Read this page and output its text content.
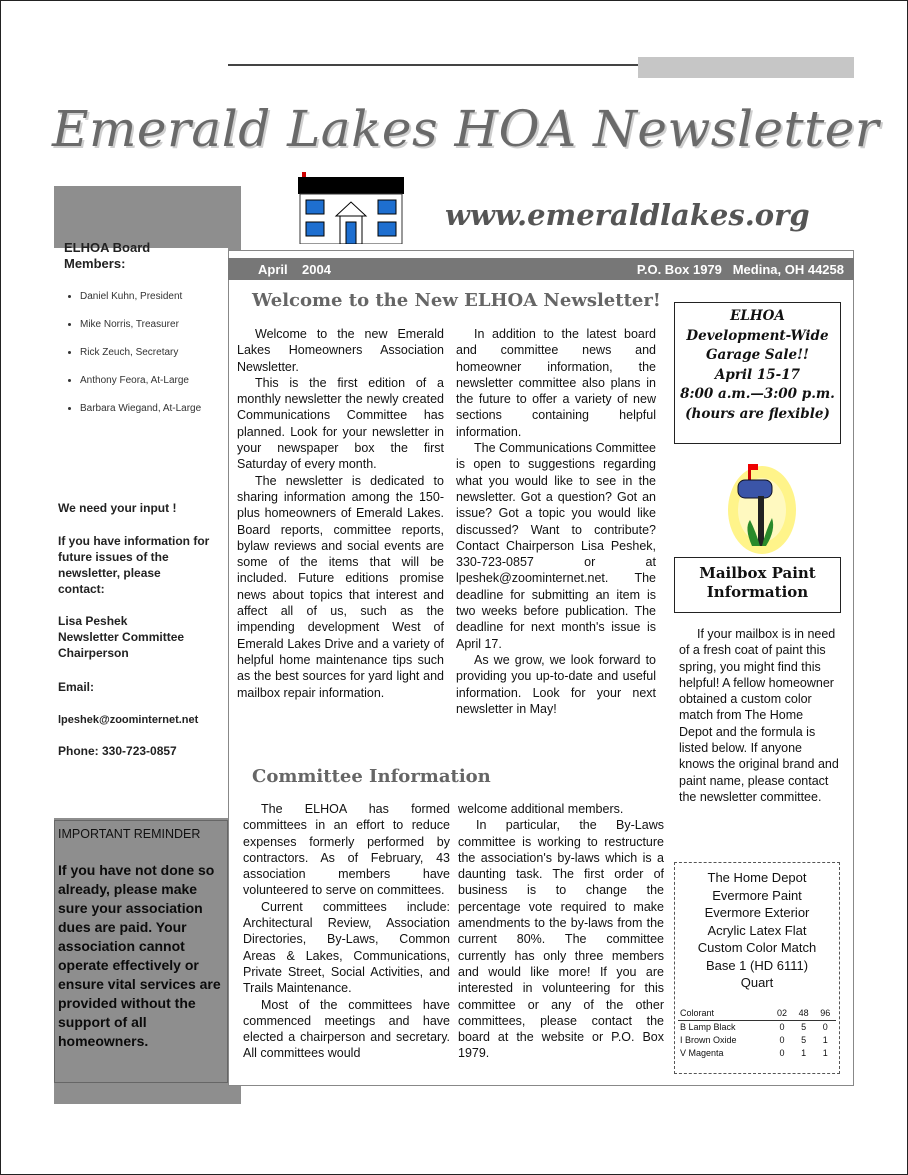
Emerald Lakes HOA Newsletter
www.emeraldlakes.org
ELHOA Board Members:
• Daniel Kuhn, President
• Mike Norris, Treasurer
• Rick Zeuch, Secretary
• Anthony Feora, At-Large
• Barbara Wiegand, At-Large
We need your input !
If you have information for future issues of the newsletter, please contact:
Lisa Peshek
Newsletter Committee Chairperson
Email:
lpeshek@zoominternet.net
Phone: 330-723-0857
IMPORTANT REMINDER
If you have not done so already, please make sure your association dues are paid. Your association cannot operate effectively or ensure vital services are provided without the support of all homeowners.
April    2004	P.O. Box 1979   Medina, OH 44258
Welcome to the New ELHOA Newsletter!

Welcome to the new Emerald Lakes Homeowners Association Newsletter.

This is the first edition of a monthly newsletter the newly created Communications Committee has planned. Look for your newsletter in your newspaper box the first Saturday of every month.

The newsletter is dedicated to sharing information among the 150-plus homeowners of Emerald Lakes. Board reports, committee reports, bylaw reviews and social events are some of the items that will be included. Future editions promise news about topics that interest and affect all of us, such as the impending development West of Emerald Lakes Drive and a variety of helpful home maintenance tips such as the best sources for yard light and mailbox repair information.

In addition to the latest board and committee news and homeowner information, the newsletter committee also plans in the future to offer a variety of new sections containing helpful information.

The Communications Committee is open to suggestions regarding what you would like to see in the newsletter. Got a question? Got an issue? Got a topic you would like discussed? Want to contribute? Contact Chairperson Lisa Peshek, 330-723-0857 or at lpeshek@zoominternet.net. The deadline for submitting an item is two weeks before publication. The deadline for next month's issue is April 17.

As we grow, we look forward to providing you up-to-date and useful information. Look for your next newsletter in May!

Committee Information

The ELHOA has formed committees in an effort to reduce expenses formerly performed by contractors. As of February, 43 association members have volunteered to serve on committees.

Current committees include: Architectural Review, Association Directories, By-Laws, Common Areas & Lakes, Communications, Private Street, Social Activities, and Trails Maintenance.

Most of the committees have commenced meetings and have elected a chairperson and secretary. All committees would

welcome additional members.

In particular, the By-Laws committee is working to restructure the association's by-laws which is a daunting task. The first order of business is to change the percentage vote required to make amendments to the by-laws from the current 80%. The committee currently has only three members and would like more! If you are interested in volunteering for this committee or any of the other committees, please contact the board at the website or P.O. Box 1979.

ELHOA
Development-Wide
Garage Sale!!
April 15-17
8:00 a.m.—3:00 p.m.
(hours are flexible)
Mailbox Paint
Information
If your mailbox is in need of a fresh coat of paint this spring, you might find this helpful! A fellow homeowner obtained a custom color match from The Home Depot and the formula is listed below. If anyone knows the original brand and paint name, please contact the newsletter committee.
The Home Depot
Evermore Paint
Evermore Exterior
Acrylic Latex Flat
Custom Color Match
Base 1 (HD 6111)
Quart
Colorant	02	48	96
B Lamp Black	0	5	0
I Brown Oxide	0	5	1
V Magenta	0	1	1
